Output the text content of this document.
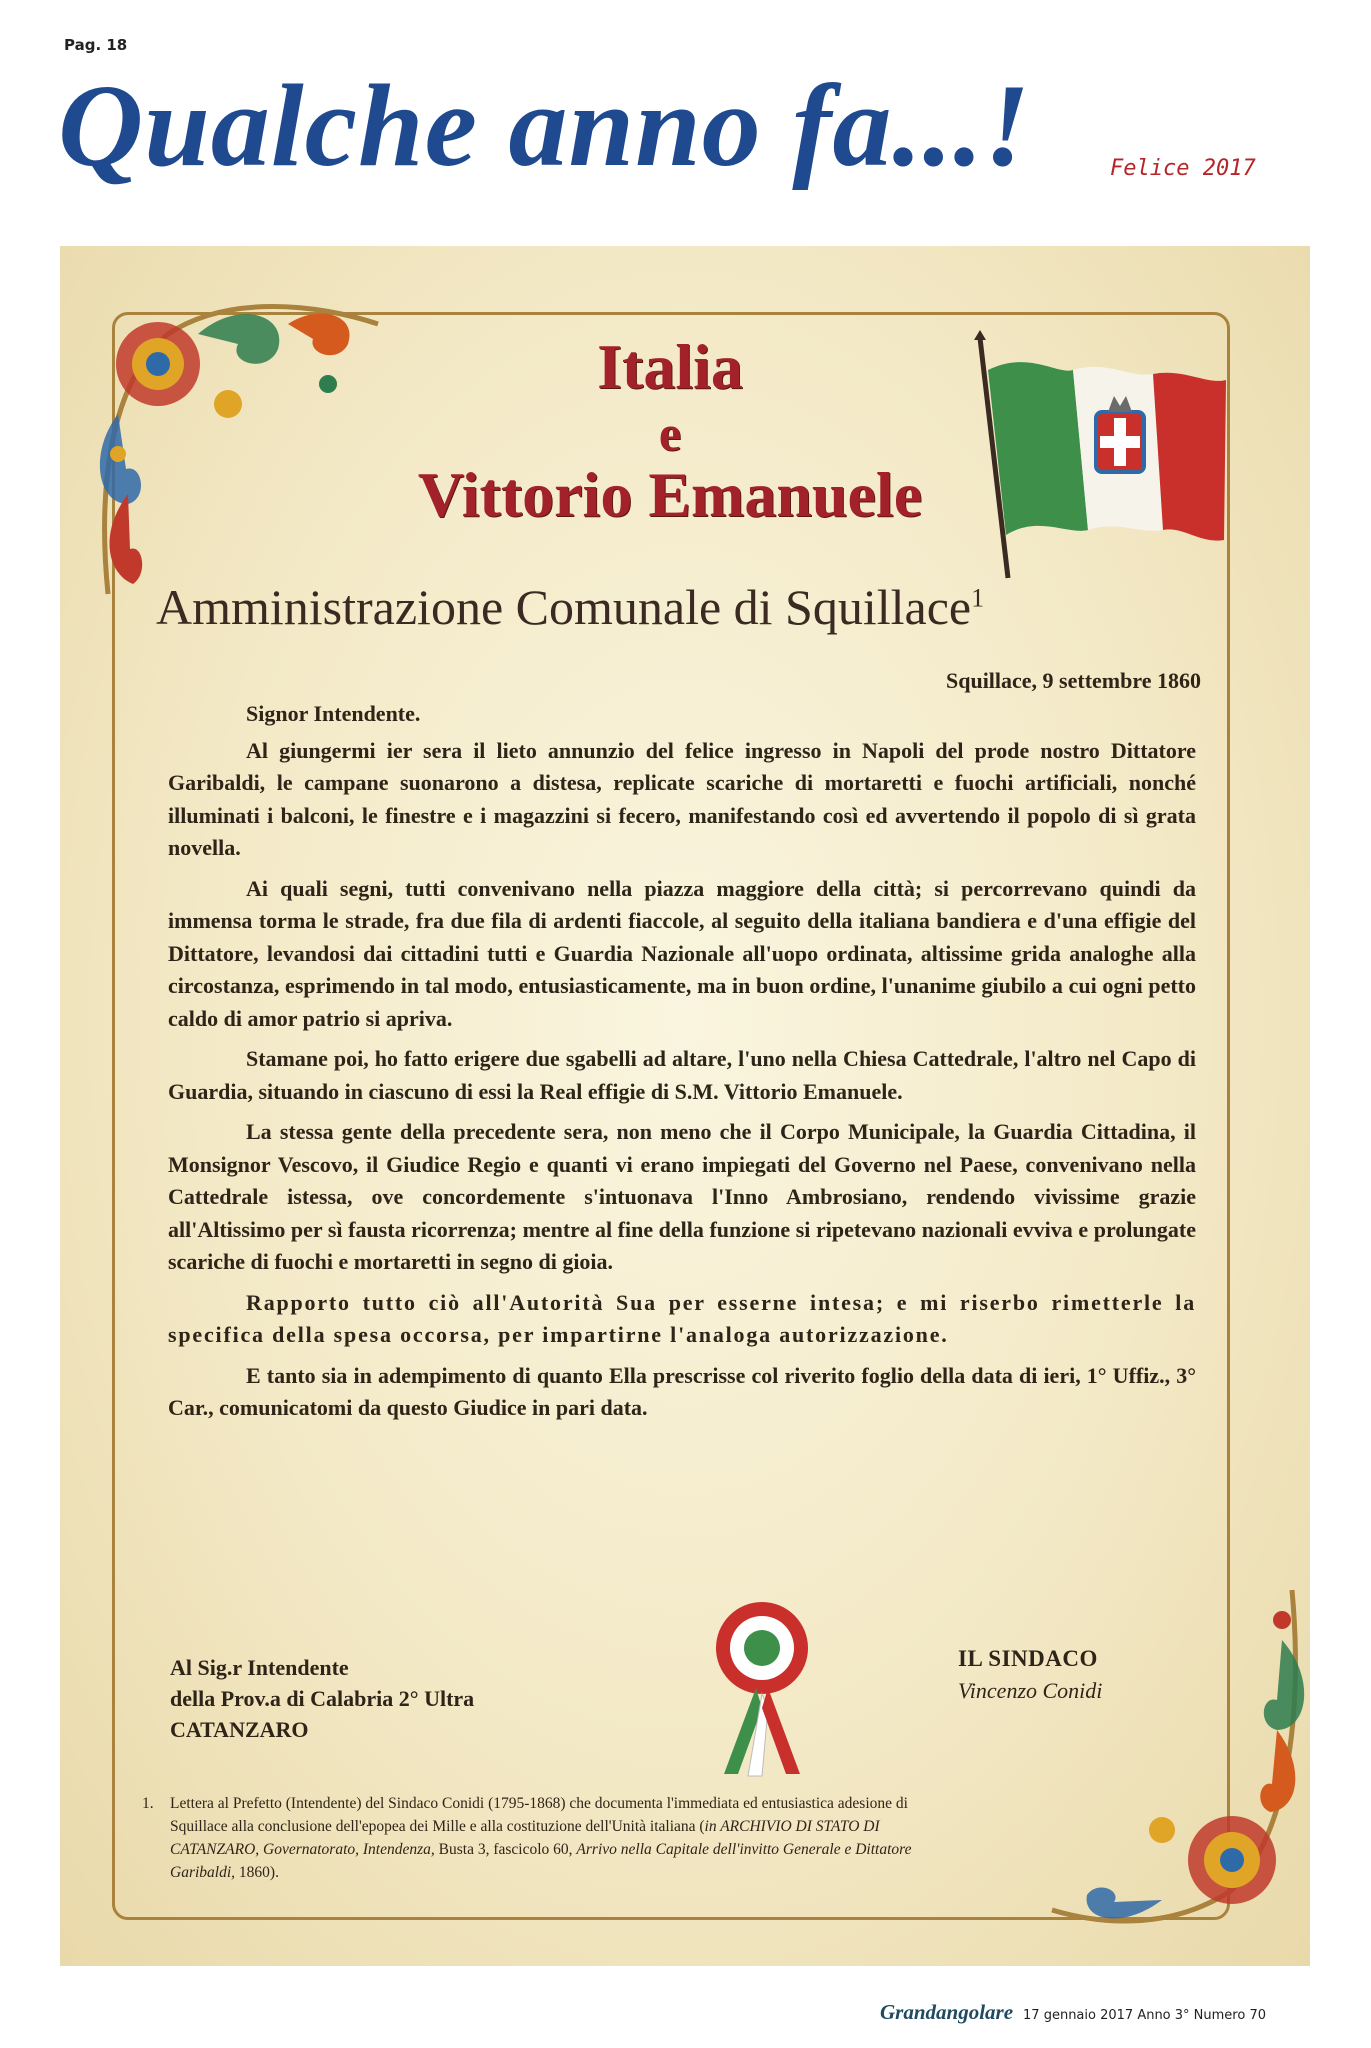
Pag. 18
Qualche anno fa...!	Felice 2017
Italia
e
Vittorio Emanuele
Amministrazione Comunale di Squillace$^1$
Squillace, 9 settembre 1860

Signor Intendente.

Al giungermi ier sera il lieto annunzio del felice ingresso in Napoli del prode nostro Dittatore Garibaldi, le campane suonarono a distesa, replicate scariche di mortaretti e fuochi artificiali, nonché illuminati i balconi, le finestre e i magazzini si fecero, manifestando così ed avvertendo il popolo di sì grata novella.

Ai quali segni, tutti convenivano nella piazza maggiore della città; si percorrevano quindi da immensa torma le strade, fra due fila di ardenti fiaccole, al seguito della italiana bandiera e d'una effigie del Dittatore, levandosi dai cittadini tutti e Guardia Nazionale all'uopo ordinata, altissime grida analoghe alla circostanza, esprimendo in tal modo, entusiasticamente, ma in buon ordine, l'unanime giubilo a cui ogni petto caldo di amor patrio si apriva.

Stamane poi, ho fatto erigere due sgabelli ad altare, l'uno nella Chiesa Cattedrale, l'altro nel Capo di Guardia, situando in ciascuno di essi la Real effigie di S.M. Vittorio Emanuele.

La stessa gente della precedente sera, non meno che il Corpo Municipale, la Guardia Cittadina, il Monsignor Vescovo, il Giudice Regio e quanti vi erano impiegati del Governo nel Paese, convenivano nella Cattedrale istessa, ove concordemente s'intuonava l'Inno Ambrosiano, rendendo vivissime grazie all'Altissimo per sì fausta ricorrenza; mentre al fine della funzione si ripetevano nazionali evviva e prolungate scariche di fuochi e mortaretti in segno di gioia.

Rapporto tutto ciò all'Autorità Sua per esserne intesa; e mi riserbo rimetterle la specifica della spesa occorsa, per impartirne l'analoga autorizzazione.

E tanto sia in adempimento di quanto Ella prescrisse col riverito foglio della data di ieri, 1° Uffiz., 3° Car., comunicatomi da questo Giudice in pari data.

Al Sig.r Intendente
della Prov.a di Calabria 2° Ultra
CATANZARO
IL SINDACO
Vincenzo Conidi
1. Lettera al Prefetto (Intendente) del Sindaco Conidi (1795-1868) che documenta l'immediata ed entusiastica adesione di Squillace alla conclusione dell'epopea dei Mille e alla costituzione dell'Unità italiana (in ARCHIVIO DI STATO DI CATANZARO, Governatorato, Intendenza, Busta 3, fascicolo 60, Arrivo nella Capitale dell'invitto Generale e Dittatore Garibaldi, 1860).
Grandangolare 17 gennaio 2017 Anno 3° Numero 70
